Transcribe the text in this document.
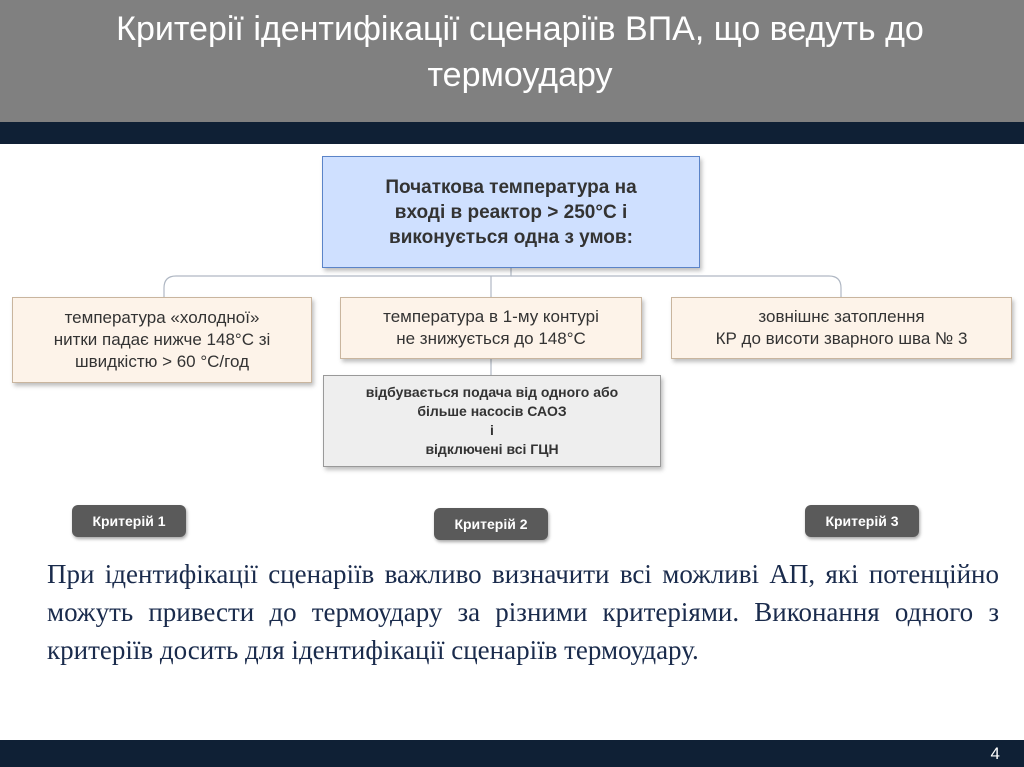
Критерії ідентифікації сценаріїв ВПА, що ведуть до термоудару
Початкова температура на
вході в реактор > 250°С і
виконується одна з умов:
температура «холодної»
нитки падає нижче 148°С зі
швидкістю > 60 °С/год
температура в 1-му контурі
не знижується до 148°С
зовнішнє затоплення
КР до висоти зварного шва № 3
відбувається подача від одного або
більше насосів САОЗ
і
відключені всі ГЦН
Критерій 1	Критерій 2	Критерій 3

При ідентифікації сценаріїв важливо визначити всі можливі АП, які потенційно можуть привести до термоудару за різними критеріями. Виконання одного з критеріїв досить для ідентифікації сценаріїв термоудару.

4
